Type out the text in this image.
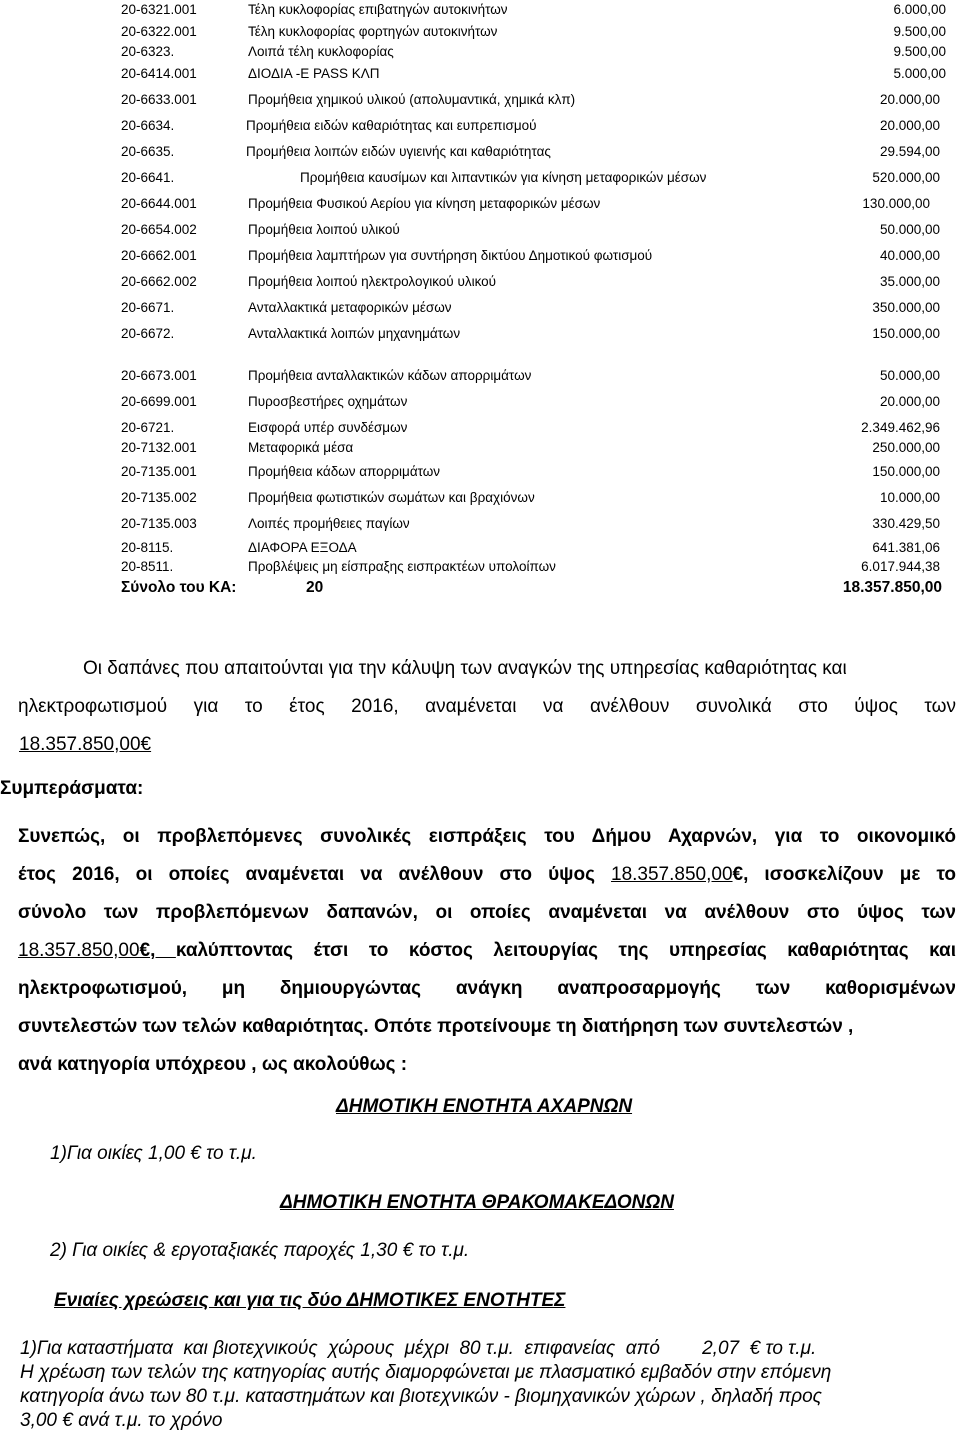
20-6321.001	Τέλη κυκλοφορίας επιβατηγών αυτοκινήτων	6.000,00
20-6322.001	Τέλη κυκλοφορίας φορτηγών αυτοκινήτων	9.500,00
20-6323.	Λοιπά τέλη κυκλοφορίας	9.500,00
20-6414.001	ΔΙΟΔΙΑ -E PASS ΚΛΠ	5.000,00
20-6633.001	Προμήθεια χημικού υλικού (απολυμαντικά, χημικά κλπ)	20.000,00
20-6634.	Προμήθεια ειδών καθαριότητας και ευπρεπισμού	20.000,00
20-6635.	Προμήθεια λοιπών ειδών υγιεινής και καθαριότητας	29.594,00
20-6641.	Προμήθεια καυσίμων και λιπαντικών για κίνηση μεταφορικών μέσων	520.000,00
20-6644.001	Προμήθεια Φυσικού Αερίου για κίνηση μεταφορικών μέσων	130.000,00
20-6654.002	Προμήθεια λοιπού υλικού	50.000,00
20-6662.001	Προμήθεια λαμπτήρων για συντήρηση δικτύου Δημοτικού φωτισμού	40.000,00
20-6662.002	Προμήθεια λοιπού ηλεκτρολογικού υλικού	35.000,00
20-6671.	Ανταλλακτικά μεταφορικών μέσων	350.000,00
20-6672.	Ανταλλακτικά λοιπών μηχανημάτων	150.000,00
20-6673.001	Προμήθεια ανταλλακτικών κάδων απορριμάτων	50.000,00
20-6699.001	Πυροσβεστήρες οχημάτων	20.000,00
20-6721.	Εισφορά υπέρ συνδέσμων	2.349.462,96
20-7132.001	Μεταφορικά μέσα	250.000,00
20-7135.001	Προμήθεια κάδων απορριμάτων	150.000,00
20-7135.002	Προμήθεια φωτιστικών σωμάτων και βραχιόνων	10.000,00
20-7135.003	Λοιπές προμήθειες παγίων	330.429,50
20-8115.	ΔΙΑΦΟΡΑ ΕΞΟΔΑ	641.381,06
20-8511.	Προβλέψεις μη είσπραξης εισπρακτέων υπολοίπων	6.017.944,38
Σύνολο του ΚΑ:	20	18.357.850,00
Οι δαπάνες που απαιτούνται για την κάλυψη των αναγκών της υπηρεσίας καθαριότητας και
ηλεκτροφωτισμού για το έτος 2016, αναμένεται να ανέλθουν συνολικά στο ύψος των
18.357.850,00€
Συμπεράσματα:
Συνεπώς, οι προβλεπόμενες συνολικές εισπράξεις του Δήμου Αχαρνών, για το οικονομικό
έτος 2016, οι οποίες αναμένεται να ανέλθουν στο ύψος 18.357.850,00€, ισοσκελίζουν με το
σύνολο των προβλεπόμενων δαπανών, οι οποίες αναμένεται να ανέλθουν στο ύψος των
18.357.850,00€, καλύπτοντας έτσι το κόστος λειτουργίας της υπηρεσίας καθαριότητας και
ηλεκτροφωτισμού, μη δημιουργώντας ανάγκη αναπροσαρμογής των καθορισμένων
συντελεστών των τελών καθαριότητας. Οπότε προτείνουμε τη διατήρηση των συντελεστών ,
ανά κατηγορία υπόχρεου , ως ακολούθως :
ΔΗΜΟΤΙΚΗ ΕΝΟΤΗΤΑ ΑΧΑΡΝΩΝ
1)Για οικίες 1,00 € το τ.μ.
ΔΗΜΟΤΙΚΗ ΕΝΟΤΗΤΑ ΘΡΑΚΟΜΑΚΕΔΟΝΩΝ
2) Για οικίες & εργοταξιακές παροχές 1,30 € το τ.μ.
Ενιαίες χρεώσεις και για τις δύο ΔΗΜΟΤΙΚΕΣ ΕΝΟΤΗΤΕΣ
1)Για καταστήματα  και βιοτεχνικούς  χώρους  μέχρι  80 τ.μ.  επιφανείας  από        2,07  € το τ.μ.
Η χρέωση των τελών της κατηγορίας αυτής διαμορφώνεται με πλασματικό εμβαδόν στην επόμενη
κατηγορία άνω των 80 τ.μ. καταστημάτων και βιοτεχνικών - βιομηχανικών χώρων , δηλαδή προς
3,00 € ανά τ.μ. το χρόνο
